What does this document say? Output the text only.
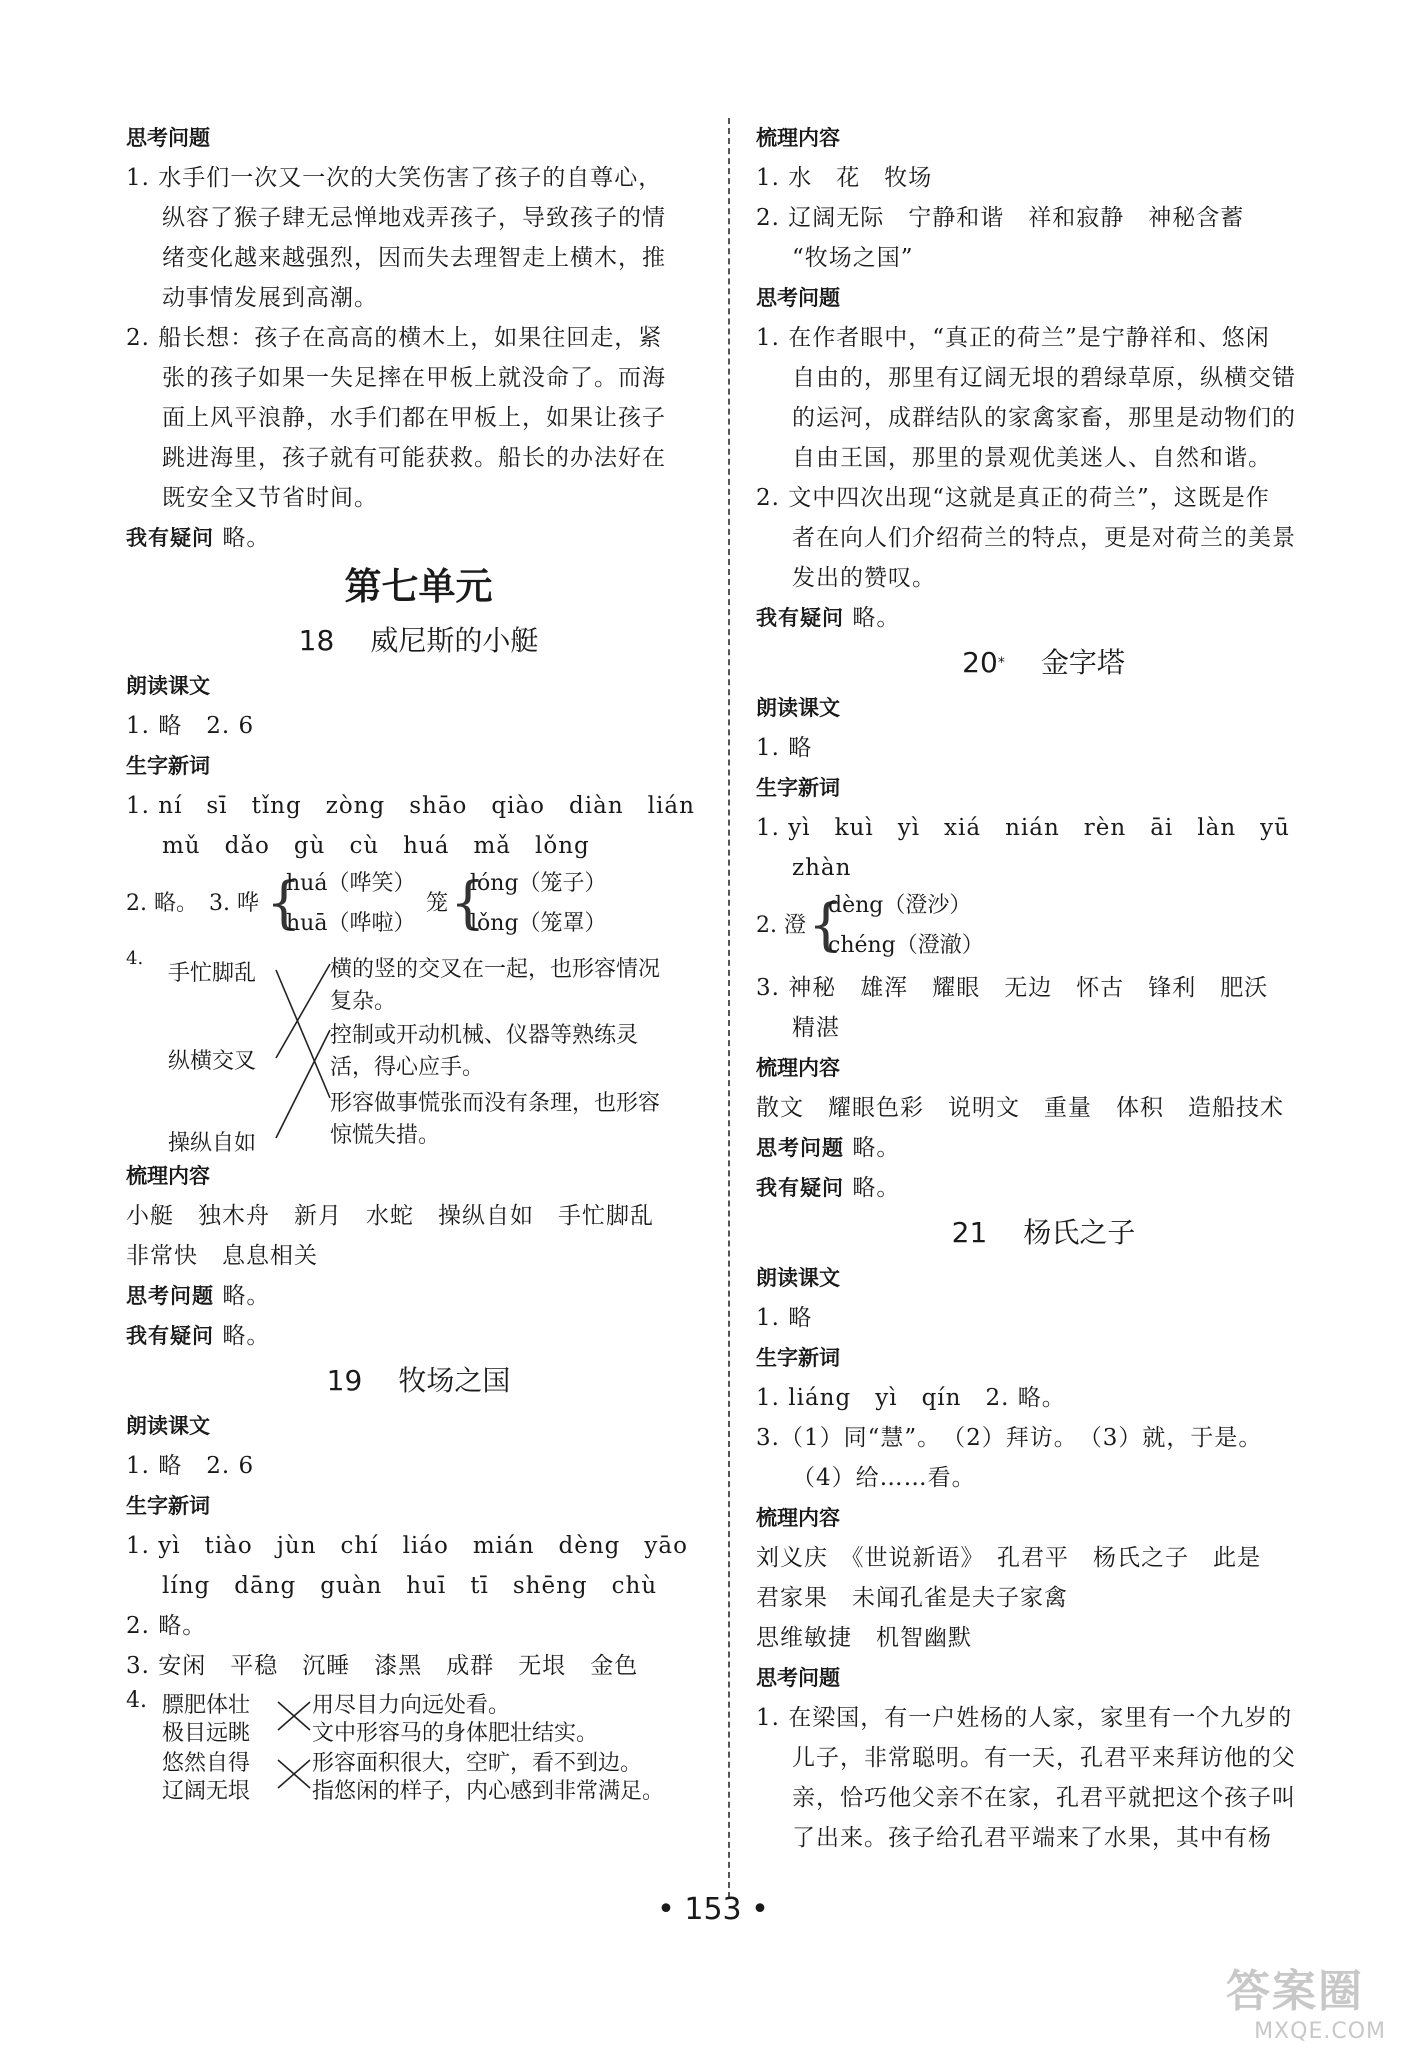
思考问题
1. 水手们一次又一次的大笑伤害了孩子的自尊心，
纵容了猴子肆无忌惮地戏弄孩子，导致孩子的情
绪变化越来越强烈，因而失去理智走上横木，推
动事情发展到高潮。
2. 船长想：孩子在高高的横木上，如果往回走，紧
张的孩子如果一失足摔在甲板上就没命了。而海
面上风平浪静，水手们都在甲板上，如果让孩子
跳进海里，孩子就有可能获救。船长的办法好在
既安全又节省时间。
我有疑问 略。
第七单元
18 威尼斯的小艇
朗读课文
1. 略　2. 6
生字新词
1. ní　sī　tǐng　zòng　shāo　qiào　diàn　lián
mǔ　dǎo　gù　cù　huá　mǎ　lǒng
2. 略。　3. 哗 {
huá（哗笑）
huā（哗啦）
笼 {
lóng（笼子）
lǒng（笼罩）
4.
手忙脚乱
纵横交叉
操纵自如
横的竖的交叉在一起，也形容情况
复杂。
控制或开动机械、仪器等熟练灵
活，得心应手。
形容做事慌张而没有条理，也形容
惊慌失措。
梳理内容
小艇　独木舟　新月　水蛇　操纵自如　手忙脚乱
非常快　息息相关
思考问题 略。
我有疑问 略。
19 牧场之国
朗读课文
1. 略　2. 6
生字新词
1. yì　tiào　jùn　chí　liáo　mián　dèng　yāo
líng　dāng　guàn　huī　tī　shēng　chù
2. 略。
3. 安闲　平稳　沉睡　漆黑　成群　无垠　金色
4. 膘肥体壮
极目远眺
悠然自得
辽阔无垠
用尽目力向远处看。
文中形容马的身体肥壮结实。
形容面积很大，空旷，看不到边。
指悠闲的样子，内心感到非常满足。
梳理内容
1. 水　花　牧场
2. 辽阔无际　宁静和谐　祥和寂静　神秘含蓄
“牧场之国”
思考问题
1. 在作者眼中，“真正的荷兰”是宁静祥和、悠闲
自由的，那里有辽阔无垠的碧绿草原，纵横交错
的运河，成群结队的家禽家畜，那里是动物们的
自由王国，那里的景观优美迷人、自然和谐。
2. 文中四次出现“这就是真正的荷兰”，这既是作
者在向人们介绍荷兰的特点，更是对荷兰的美景
发出的赞叹。
我有疑问 略。
20* 金字塔
朗读课文
1. 略
生字新词
1. yì　kuì　yì　xiá　nián　rèn　āi　làn　yū
zhàn
2. 澄 {
dèng（澄沙）
chéng（澄澈）
3. 神秘　雄浑　耀眼　无边　怀古　锋利　肥沃
精湛
梳理内容
散文　耀眼色彩　说明文　重量　体积　造船技术
思考问题 略。
我有疑问 略。
21 杨氏之子
朗读课文
1. 略
生字新词
1. liáng　yì　qín　2. 略。
3.（1）同“慧”。　（2）拜访。　（3）就，于是。
（4）给……看。
梳理内容
刘义庆　《世说新语》　孔君平　杨氏之子　此是
君家果　未闻孔雀是夫子家禽
思维敏捷　机智幽默
思考问题
1. 在梁国，有一户姓杨的人家，家里有一个九岁的
儿子，非常聪明。有一天，孔君平来拜访他的父
亲，恰巧他父亲不在家，孔君平就把这个孩子叫
了出来。孩子给孔君平端来了水果，其中有杨
• 153 •
答案圈
MXQE.COM
